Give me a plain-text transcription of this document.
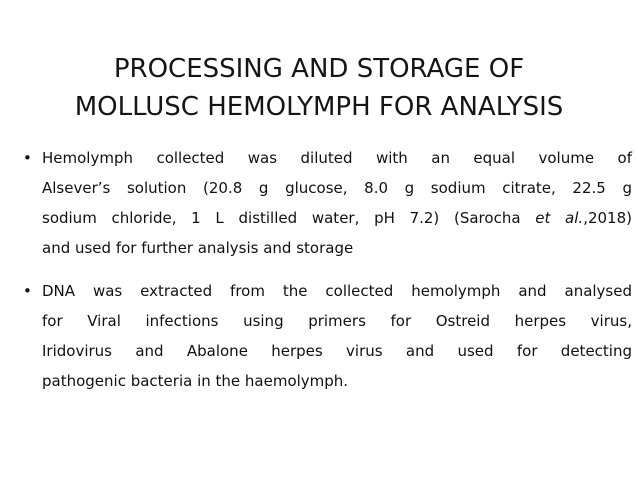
PROCESSING AND STORAGE OF
MOLLUSC HEMOLYMPH FOR ANALYSIS
• Hemolymph collected was diluted with an equal volume of
Alsever’s solution (20.8 g glucose, 8.0 g sodium citrate, 22.5 g
sodium chloride, 1 L distilled water, pH 7.2) (Sarocha et al.,2018)
and used for further analysis and storage
• DNA was extracted from the collected hemolymph and analysed
for Viral infections using primers for Ostreid herpes virus,
Iridovirus and Abalone herpes virus and used for detecting
pathogenic bacteria in the haemolymph.
